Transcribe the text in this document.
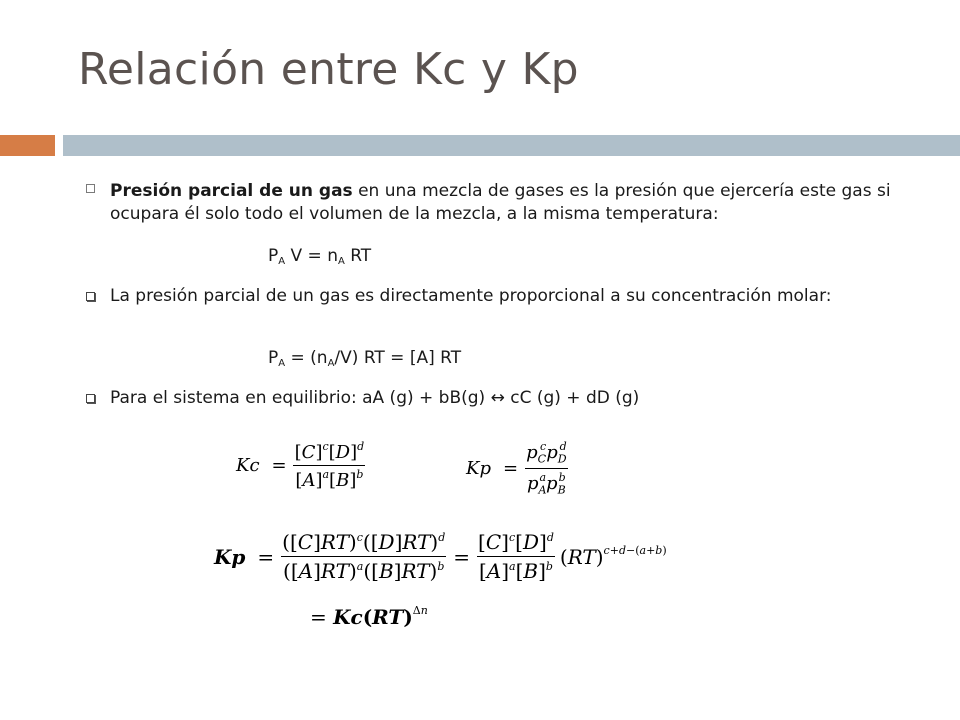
Relación entre Kc y Kp
Presión parcial de un gas en una mezcla de gases es la presión que ejercería este gas si ocupara él solo todo el volumen de la mezcla, a la misma temperatura:
$P_A$ $V = n_A$ RT
La presión parcial de un gas es directamente proporcional a su concentración molar:
$P_A = (n_A/V)$ RT = [A] RT
Para el sistema en equilibrio: aA (g) + bB(g) ↔ cC (g) + dD (g)
$Kc = \frac{[C]^c[D]^d}{[A]^a[B]^b}$	$Kp = \frac{p_C^cp_D^d}{p_A^ap_B^b}$
$Kp = \frac{([C]RT)^c([D]RT)^d}{([A]RT)^a([B]RT)^b} = \frac{[C]^c[D]^d}{[A]^a[B]^b} (RT)^{c+d-(a+b)}$
= Kc(RT)$^{\Delta n}$
